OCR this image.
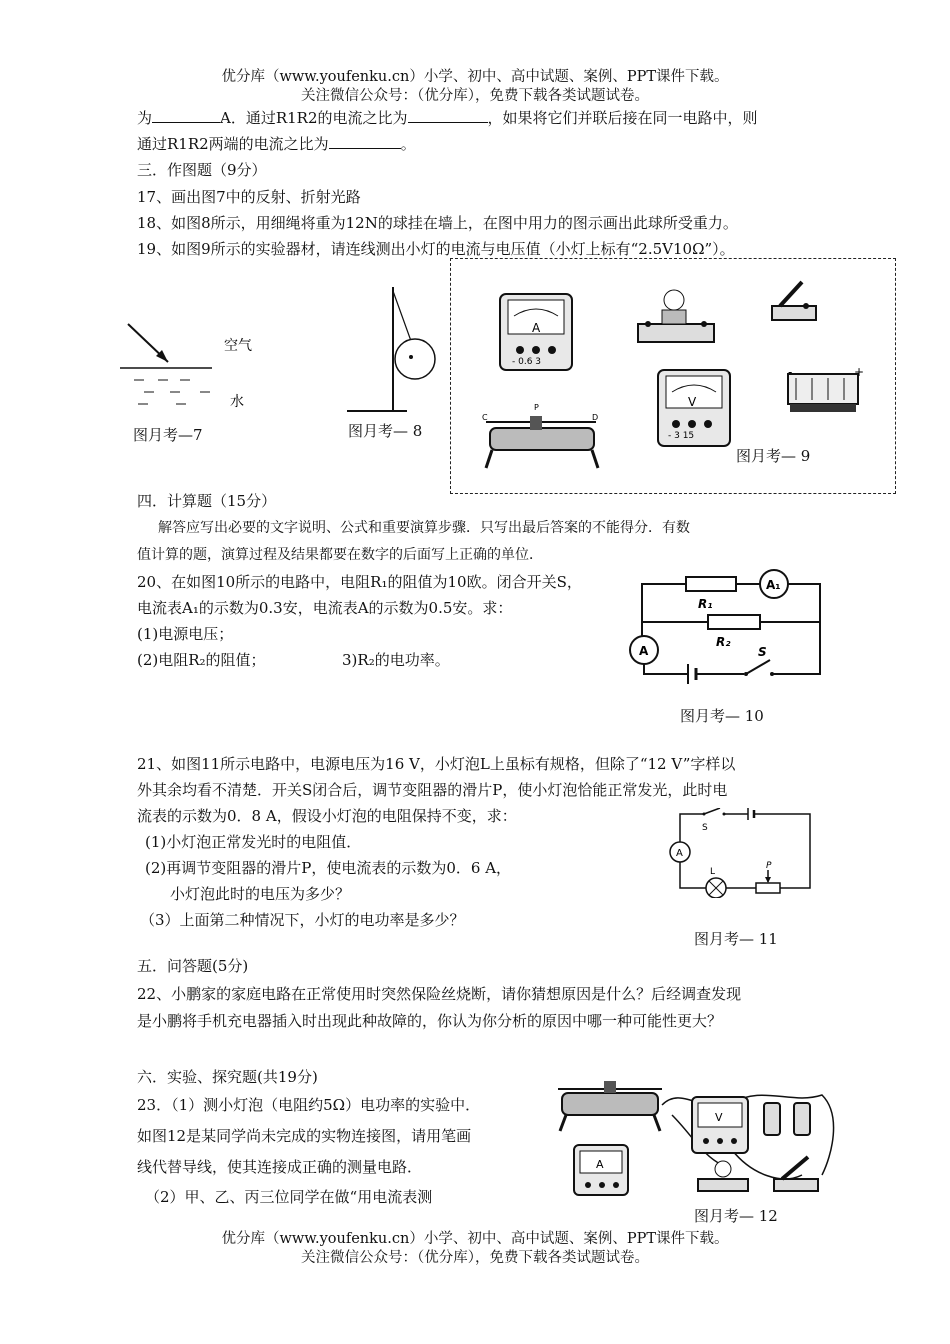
优分库（www.youfenku.cn）小学、初中、高中试题、案例、PPT课件下载。
关注微信公众号：（优分库），免费下载各类试题试卷。
为	A．通过R1R2的电流之比为	，如果将它们并联后接在同一电路中，则
通过R1R2两端的电流之比为	。
三．作图题（9分）
17、画出图7中的反射、折射光路
18、如图8所示，用细绳将重为12N的球挂在墙上，在图中用力的图示画出此球所受重力。
19、如图9所示的实验器材，请连线测出小灯的电流与电压值（小灯上标有“2.5V10Ω”）。
空气
水
图月考—7	图月考— 8
A
- 0.6 3
V
- 3 15
-	+
C
P
D
图月考— 9
四．计算题（15分）
解答应写出必要的文字说明、公式和重要演算步骤．只写出最后答案的不能得分．有数
值计算的题，演算过程及结果都要在数字的后面写上正确的单位．
20、在如图10所示的电路中，电阻R₁的阻值为10欧。闭合开关S，
电流表A₁的示数为0.3安，电流表A的示数为0.5安。求：
(1)电源电压；
(2)电阻R₂的阻值；	3)R₂的电功率。
A₁
R₁
R₂
A	S
图月考— 10
21、如图11所示电路中，电源电压为16 V，小灯泡L上虽标有规格，但除了“12 V”字样以
外其余均看不清楚．开关S闭合后，调节变阻器的滑片P，使小灯泡恰能正常发光，此时电
流表的示数为0．8 A，假设小灯泡的电阻保持不变，求：
(1)小灯泡正常发光时的电阻值．
(2)再调节变阻器的滑片P，使电流表的示数为0．6 A，
小灯泡此时的电压为多少？
（3）上面第二种情况下，小灯的电功率是多少？
S
A
L
P
图月考— 11
五．问答题(5分)
22、小鹏家的家庭电路在正常使用时突然保险丝烧断，请你猜想原因是什么？后经调查发现
是小鹏将手机充电器插入时出现此种故障的，你认为你分析的原因中哪一种可能性更大？
六．实验、探究题(共19分)
23．（1）测小灯泡（电阻约5Ω）电功率的实验中．
如图12是某同学尚未完成的实物连接图，请用笔画
线代替导线，使其连接成正确的测量电路．
（2）甲、乙、丙三位同学在做“用电流表测
V
A
图月考— 12
优分库（www.youfenku.cn）小学、初中、高中试题、案例、PPT课件下载。
关注微信公众号：（优分库），免费下载各类试题试卷。
